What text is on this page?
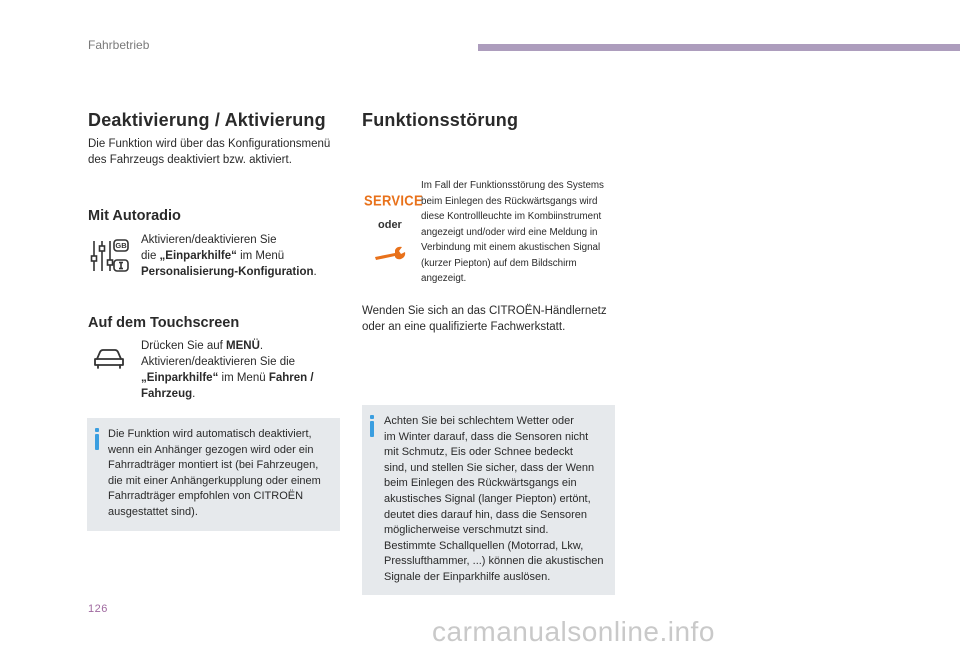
Fahrbetrieb
Deaktivierung / Aktivierung

Die Funktion wird über das Konfigurationsmenü

des Fahrzeugs deaktiviert bzw. aktiviert.

Mit Autoradio
GB Aktivieren/deaktivieren Sie

die „Einparkhilfe“ im Menü

Personalisierung-Konfiguration.

Auf dem Touchscreen

Drücken Sie auf MENÜ.

Aktivieren/deaktivieren Sie die

„Einparkhilfe“ im Menü Fahren /

Fahrzeug.

Die Funktion wird automatisch deaktiviert,

wenn ein Anhänger gezogen wird oder ein

Fahrradträger montiert ist (bei Fahrzeugen,

die mit einer Anhängerkupplung oder einem

Fahrradträger empfohlen von CITROËN

ausgestattet sind).

Funktionsstörung
SERVICE
oder

Im Fall der Funktionsstörung des Systems

beim Einlegen des Rückwärtsgangs wird

diese Kontrollleuchte im Kombiinstrument

angezeigt und/oder wird eine Meldung in

Verbindung mit einem akustischen Signal

(kurzer Piepton) auf dem Bildschirm

angezeigt.

Wenden Sie sich an das CITROËN-Händlernetz

oder an eine qualifizierte Fachwerkstatt.

Achten Sie bei schlechtem Wetter oder

im Winter darauf, dass die Sensoren nicht

mit Schmutz, Eis oder Schnee bedeckt

sind, und stellen Sie sicher, dass der Wenn

beim Einlegen des Rückwärtsgangs ein

akustisches Signal (langer Piepton) ertönt,

deutet dies darauf hin, dass die Sensoren

möglicherweise verschmutzt sind.

Bestimmte Schallquellen (Motorrad, Lkw,

Presslufthammer, ...) können die akustischen

Signale der Einparkhilfe auslösen.

126
carmanualsonline.info
